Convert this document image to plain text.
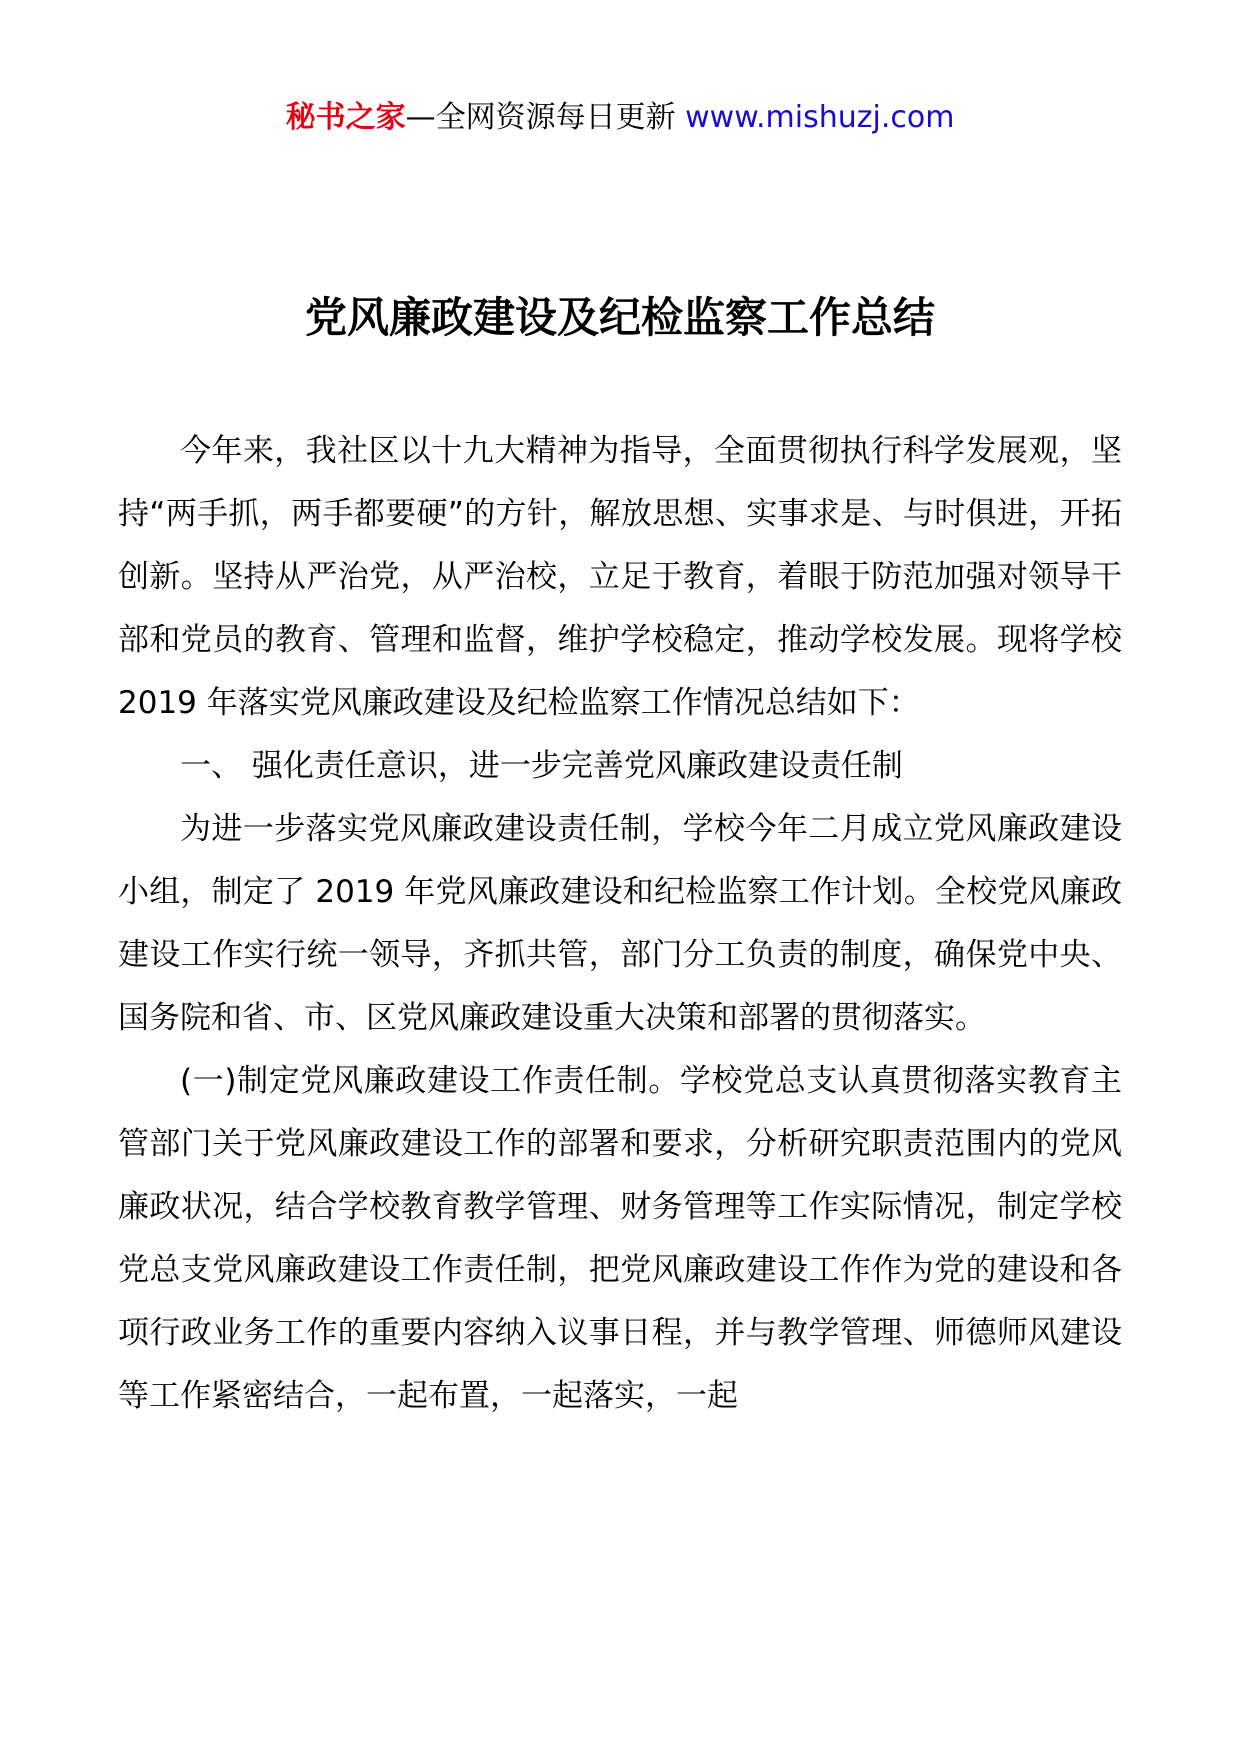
秘书之家—全网资源每日更新 www.mishuzj.com
党风廉政建设及纪检监察工作总结

今年来，我社区以十九大精神为指导，全面贯彻执行科学发展观，坚持“两手抓，两手都要硬”的方针，解放思想、实事求是、与时俱进，开拓创新。坚持从严治党，从严治校，立足于教育，着眼于防范加强对领导干部和党员的教育、管理和监督，维护学校稳定，推动学校发展。现将学校 2019 年落实党风廉政建设及纪检监察工作情况总结如下：

一、 强化责任意识，进一步完善党风廉政建设责任制

为进一步落实党风廉政建设责任制，学校今年二月成立党风廉政建设小组，制定了 2019 年党风廉政建设和纪检监察工作计划。全校党风廉政建设工作实行统一领导，齐抓共管，部门分工负责的制度，确保党中央、国务院和省、市、区党风廉政建设重大决策和部署的贯彻落实。

(一)制定党风廉政建设工作责任制。学校党总支认真贯彻落实教育主管部门关于党风廉政建设工作的部署和要求，分析研究职责范围内的党风廉政状况，结合学校教育教学管理、财务管理等工作实际情况，制定学校党总支党风廉政建设工作责任制，把党风廉政建设工作作为党的建设和各项行政业务工作的重要内容纳入议事日程，并与教学管理、师德师风建设等工作紧密结合，一起布置，一起落实，一起
